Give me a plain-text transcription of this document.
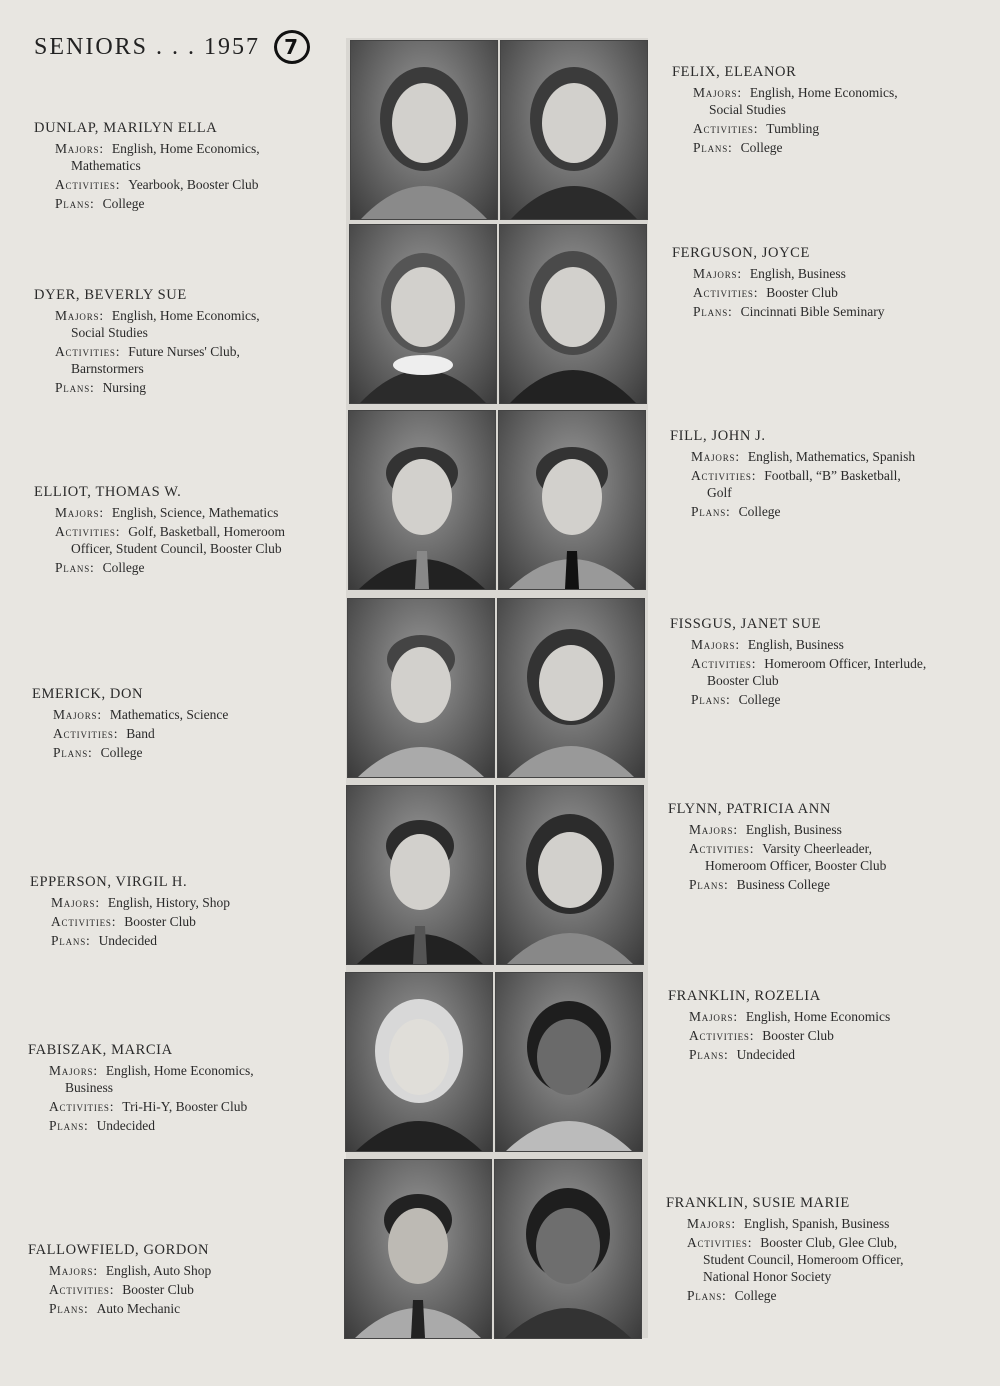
SENIORS . . . 1957	7
DUNLAP, MARILYN ELLA
Majors: English, Home Economics,
Mathematics
Activities: Yearbook, Booster Club
Plans: College
DYER, BEVERLY SUE
Majors: English, Home Economics,
Social Studies
Activities: Future Nurses' Club,
Barnstormers
Plans: Nursing
ELLIOT, THOMAS W.
Majors: English, Science, Mathematics
Activities: Golf, Basketball, Homeroom
Officer, Student Council, Booster Club
Plans: College
EMERICK, DON
Majors: Mathematics, Science
Activities: Band
Plans: College
EPPERSON, VIRGIL H.
Majors: English, History, Shop
Activities: Booster Club
Plans: Undecided
FABISZAK, MARCIA
Majors: English, Home Economics,
Business
Activities: Tri-Hi-Y, Booster Club
Plans: Undecided
FALLOWFIELD, GORDON
Majors: English, Auto Shop
Activities: Booster Club
Plans: Auto Mechanic
FELIX, ELEANOR
Majors: English, Home Economics,
Social Studies
Activities: Tumbling
Plans: College
FERGUSON, JOYCE
Majors: English, Business
Activities: Booster Club
Plans: Cincinnati Bible Seminary
FILL, JOHN J.
Majors: English, Mathematics, Spanish
Activities: Football, “B” Basketball,
Golf
Plans: College
FISSGUS, JANET SUE
Majors: English, Business
Activities: Homeroom Officer, Interlude,
Booster Club
Plans: College
FLYNN, PATRICIA ANN
Majors: English, Business
Activities: Varsity Cheerleader,
Homeroom Officer, Booster Club
Plans: Business College
FRANKLIN, ROZELIA
Majors: English, Home Economics
Activities: Booster Club
Plans: Undecided
FRANKLIN, SUSIE MARIE
Majors: English, Spanish, Business
Activities: Booster Club, Glee Club,
Student Council, Homeroom Officer,
National Honor Society
Plans: College
